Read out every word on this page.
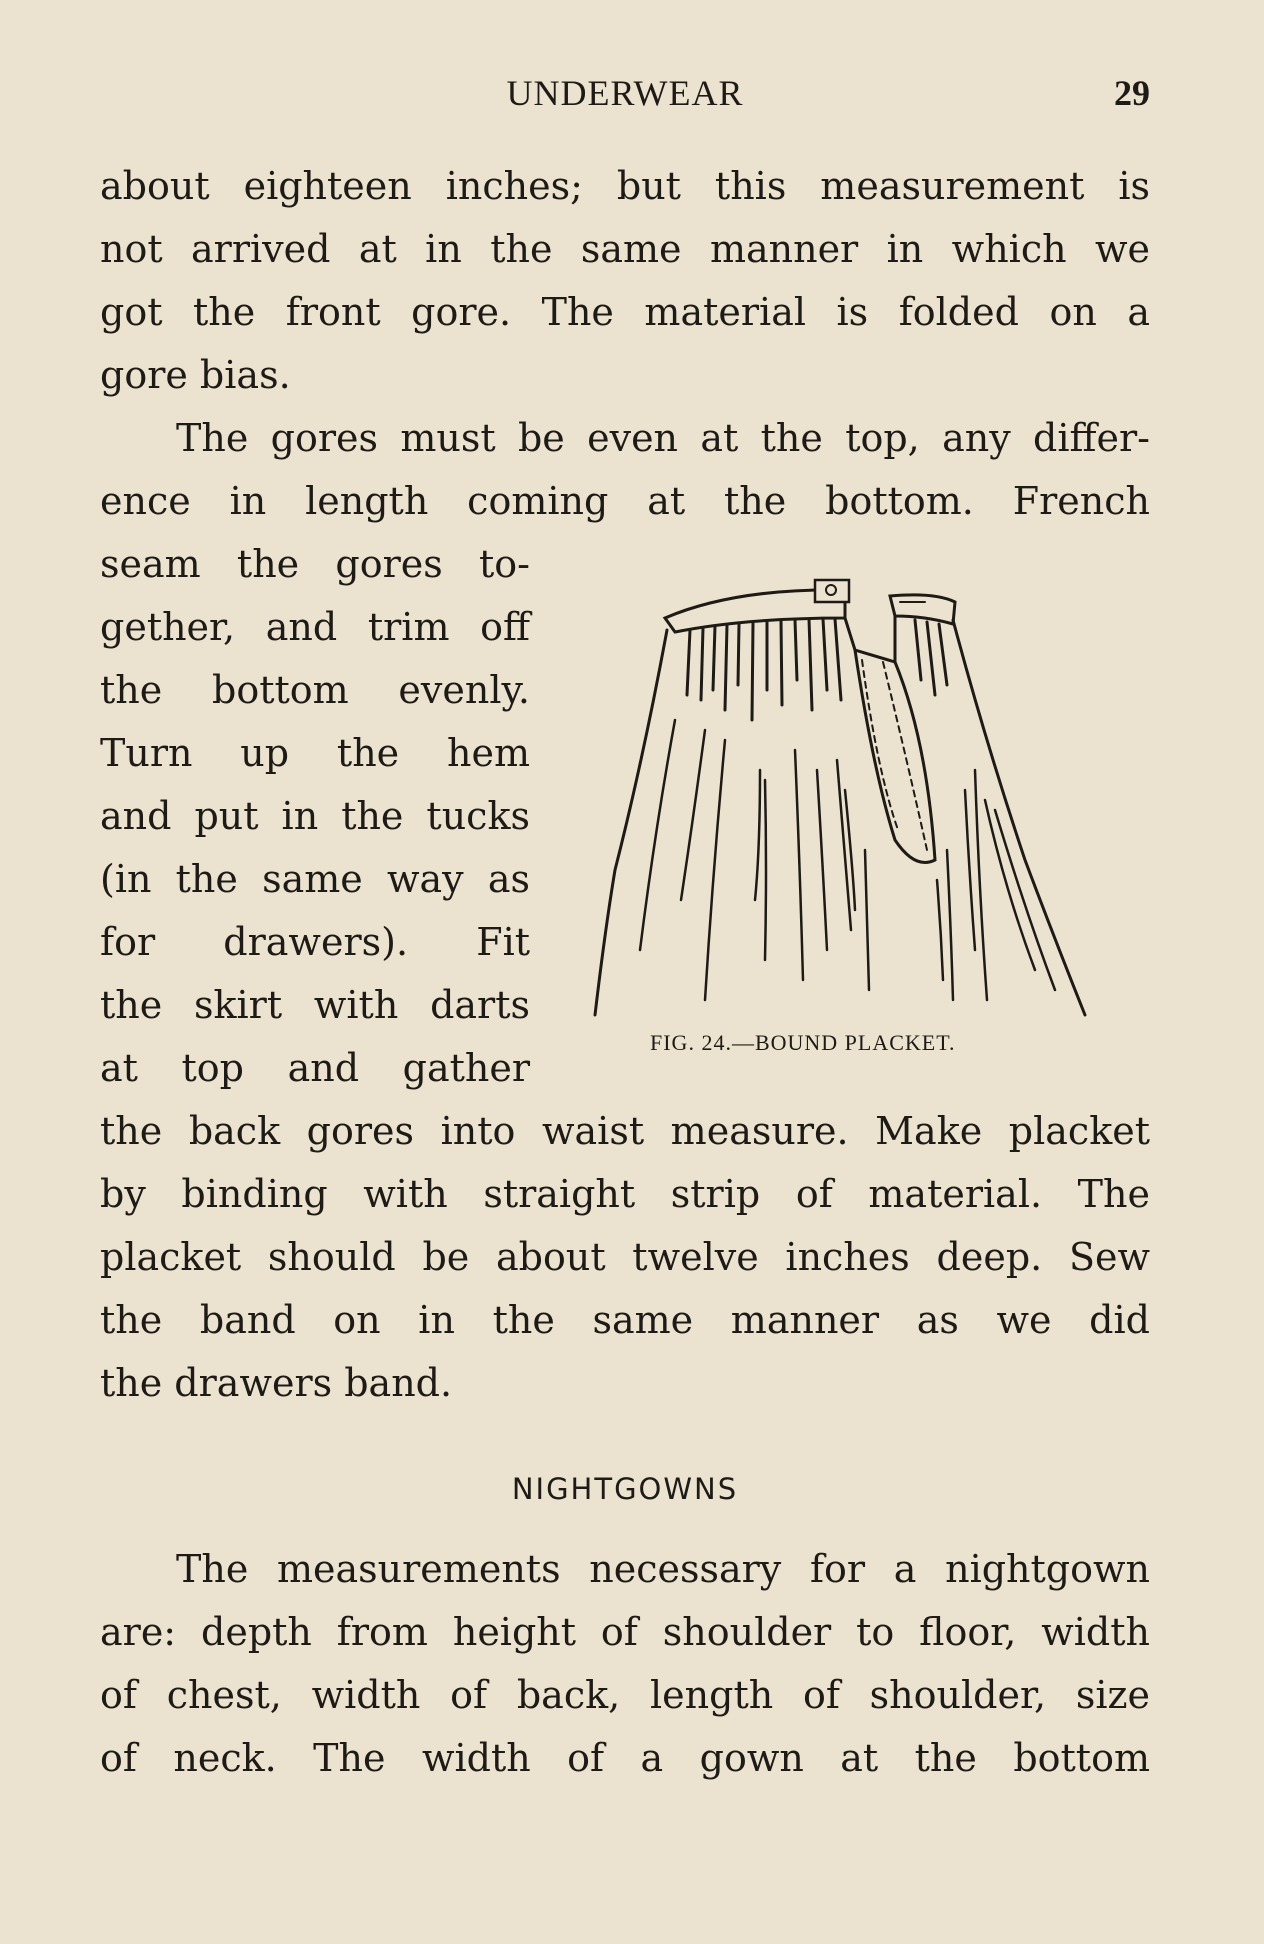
UNDERWEAR	29
about eighteen inches; but this measurement is
not arrived at in the same manner in which we
got the front gore. The material is folded on a
gore bias.
The gores must be even at the top, any differ-
ence in length coming at the bottom. French
seam the gores to-
gether, and trim off
the bottom evenly.
Turn up the hem
and put in the tucks
(in the same way as
for drawers). Fit
the skirt with darts
at top and gather
the back gores into waist measure. Make placket
by binding with straight strip of material. The
placket should be about twelve inches deep. Sew
the band on in the same manner as we did
the drawers band.
FIG. 24.—BOUND PLACKET.
NIGHTGOWNS
The measurements necessary for a nightgown
are: depth from height of shoulder to floor, width
of chest, width of back, length of shoulder, size
of neck. The width of a gown at the bottom
